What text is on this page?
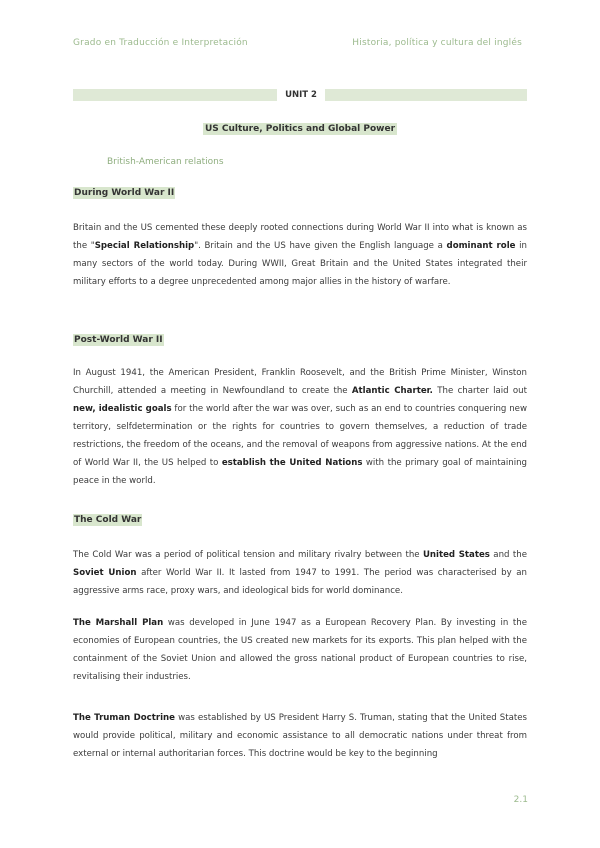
Grado en Traducción e Interpretación	Historia, política y cultura del inglés
UNIT 2
US Culture, Politics and Global Power
British-American relations
During World War II
Britain and the US cemented these deeply rooted connections during World War II into what is known as the "Special Relationship". Britain and the US have given the English language a dominant role in many sectors of the world today. During WWII, Great Britain and the United States integrated their military efforts to a degree unprecedented among major allies in the history of warfare.
Post-World War II
In August 1941, the American President, Franklin Roosevelt, and the British Prime Minister, Winston Churchill, attended a meeting in Newfoundland to create the Atlantic Charter. The charter laid out new, idealistic goals for the world after the war was over, such as an end to countries conquering new territory, selfdetermination or the rights for countries to govern themselves, a reduction of trade restrictions, the freedom of the oceans, and the removal of weapons from aggressive nations. At the end of World War II, the US helped to establish the United Nations with the primary goal of maintaining peace in the world.
The Cold War
The Cold War was a period of political tension and military rivalry between the United States and the Soviet Union after World War II. It lasted from 1947 to 1991. The period was characterised by an aggressive arms race, proxy wars, and ideological bids for world dominance.
The Marshall Plan was developed in June 1947 as a European Recovery Plan. By investing in the economies of European countries, the US created new markets for its exports. This plan helped with the containment of the Soviet Union and allowed the gross national product of European countries to rise, revitalising their industries.
The Truman Doctrine was established by US President Harry S. Truman, stating that the United States would provide political, military and economic assistance to all democratic nations under threat from external or internal authoritarian forces. This doctrine would be key to the beginning
2.1
